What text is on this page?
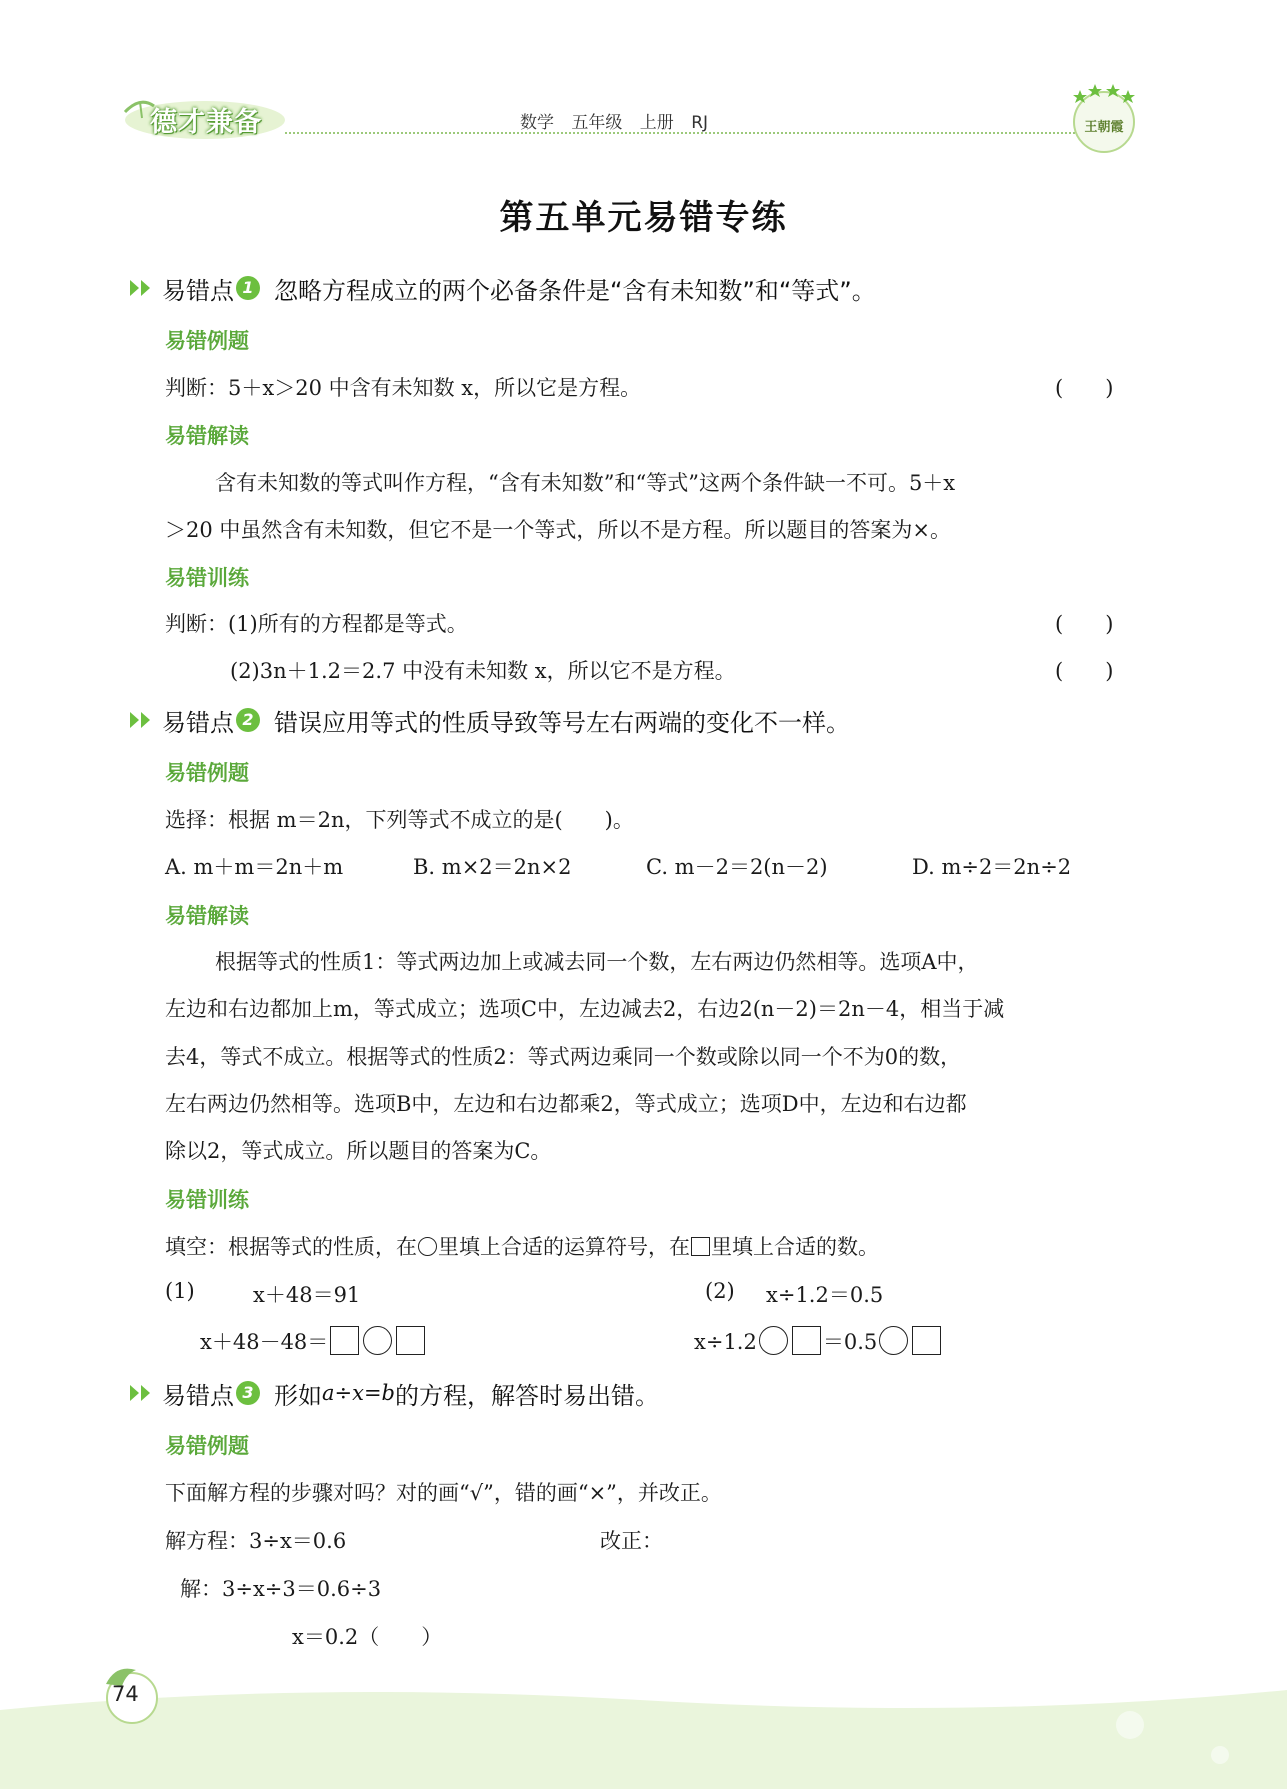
德才兼备	数学 五年级 上册 RJ	王朝霞
第五单元易错专练
易错点 1 忽略方程成立的两个必备条件是“含有未知数”和“等式”。
易错例题
判断：5＋x＞20 中含有未知数 x，所以它是方程。	(　　)
易错解读
含有未知数的等式叫作方程，“含有未知数”和“等式”这两个条件缺一不可。5＋x
＞20 中虽然含有未知数，但它不是一个等式，所以不是方程。所以题目的答案为×。
易错训练
判断：(1)所有的方程都是等式。	(　　)
(2)3n＋1.2＝2.7 中没有未知数 x，所以它不是方程。	(　　)
易错点 2 错误应用等式的性质导致等号左右两端的变化不一样。
易错例题
选择：根据 m＝2n，下列等式不成立的是(　　)。
A. m＋m＝2n＋m	B. m×2＝2n×2	C. m－2＝2(n－2)	D. m÷2＝2n÷2
易错解读
根据等式的性质1：等式两边加上或减去同一个数，左右两边仍然相等。选项A中，
左边和右边都加上m，等式成立；选项C中，左边减去2，右边2(n－2)＝2n－4，相当于减
去4，等式不成立。根据等式的性质2：等式两边乘同一个数或除以同一个不为0的数，
左右两边仍然相等。选项B中，左边和右边都乘2，等式成立；选项D中，左边和右边都
除以2，等式成立。所以题目的答案为C。
易错训练
填空：根据等式的性质，在 里填上合适的运算符号，在 里填上合适的数。
(1)	x＋48＝91	(2) x÷1.2＝0.5
x＋48－48＝	x÷1.2	＝0.5
易错点 3 形如 a÷x=b 的方程，解答时易出错。
易错例题
下面解方程的步骤对吗？对的画“√”，错的画“×”，并改正。
解方程：3÷x＝0.6	改正：
解：3÷x÷3＝0.6÷3
x＝0.2（　　）
74
